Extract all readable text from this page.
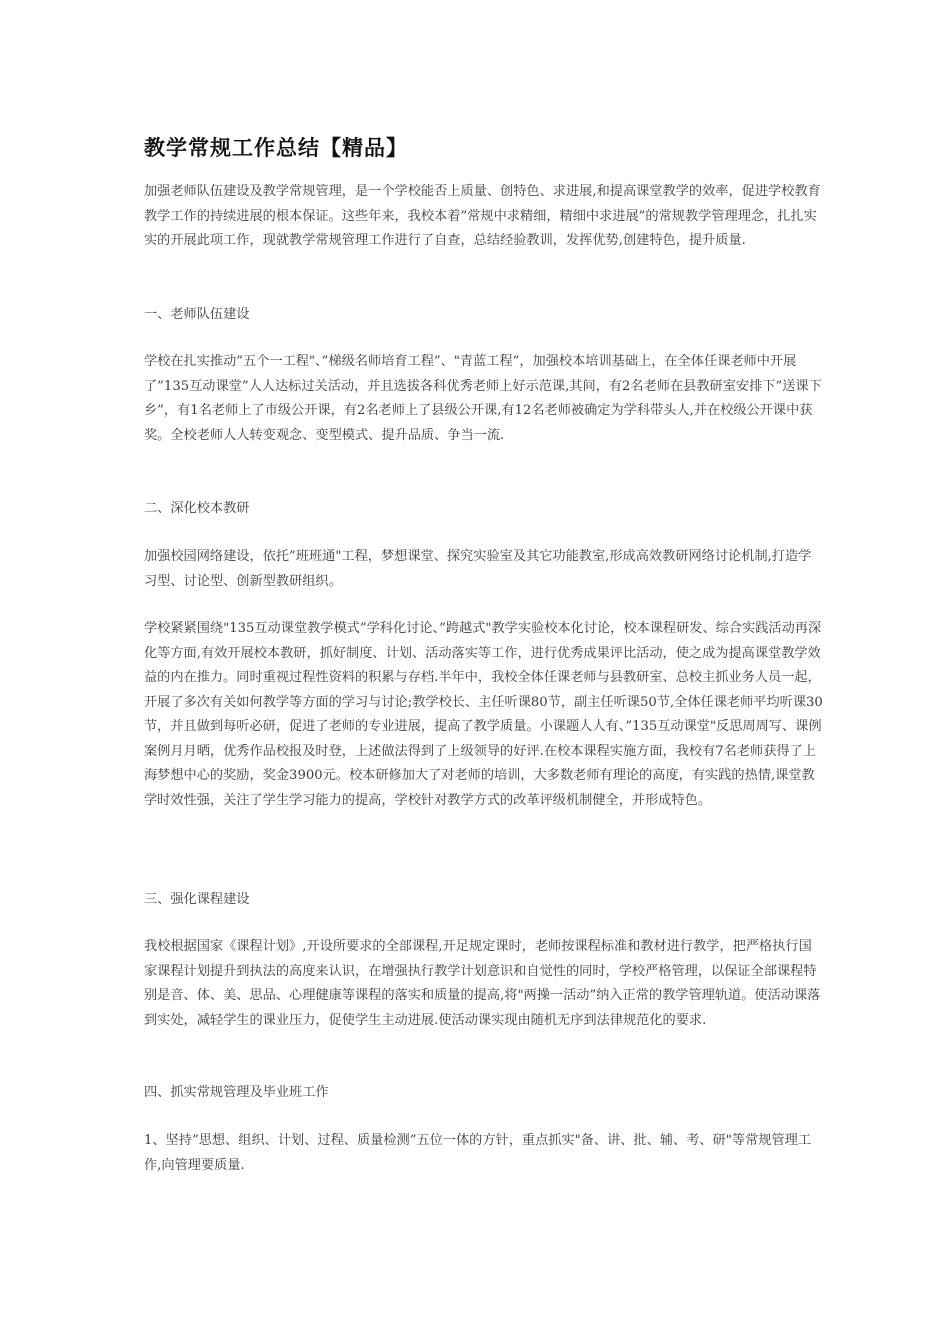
教学常规工作总结【精品】

加强老师队伍建设及教学常规管理，是一个学校能否上质量、创特色、求进展,和提高课堂教学的效率，促进学校教育教学工作的持续进展的根本保证。这些年来，我校本着”常规中求精细，精细中求进展”的常规教学管理理念，扎扎实实的开展此项工作，现就教学常规管理工作进行了自查，总结经验教训，发挥优势,创建特色，提升质量.

一、老师队伍建设

学校在扎实推动”五个一工程"、”梯级名师培育工程”、"青蓝工程”，加强校本培训基础上，在全体任课老师中开展了”135互动课堂”人人达标过关活动，并且选拔各科优秀老师上好示范课,其间，有2名老师在县教研室安排下”送课下乡”，有1名老师上了市级公开课，有2名老师上了县级公开课,有12名老师被确定为学科带头人,并在校级公开课中获奖。全校老师人人转变观念、变型模式、提升品质、争当一流.

二、深化校本教研

加强校园网络建设，依托”班班通"工程，梦想课堂、探究实验室及其它功能教室,形成高效教研网络讨论机制,打造学习型、讨论型、创新型教研组织。

学校紧紧围绕"135互动课堂教学模式”学科化讨论、”跨越式"教学实验校本化讨论，校本课程研发、综合实践活动再深化等方面,有效开展校本教研，抓好制度、计划、活动落实等工作，进行优秀成果评比活动，使之成为提高课堂教学效益的内在推力。同时重视过程性资料的积累与存档.半年中，我校全体任课老师与县教研室、总校主抓业务人员一起，开展了多次有关如何教学等方面的学习与讨论;教学校长、主任听课80节，副主任听课50节,全体任课老师平均听课30节，并且做到每听必研，促进了老师的专业进展，提高了教学质量。小课题人人有、”135互动课堂"反思周周写、课例案例月月晒，优秀作品校报及时登，上述做法得到了上级领导的好评.在校本课程实施方面，我校有7名老师获得了上海梦想中心的奖励，奖金3900元。校本研修加大了对老师的培训，大多数老师有理论的高度，有实践的热情,课堂教学时效性强，关注了学生学习能力的提高，学校针对教学方式的改革评级机制健全，并形成特色。

三、强化课程建设

我校根据国家《课程计划》,开设所要求的全部课程,开足规定课时，老师按课程标准和教材进行教学，把严格执行国家课程计划提升到执法的高度来认识，在增强执行教学计划意识和自觉性的同时，学校严格管理，以保证全部课程特别是音、体、美、思品、心理健康等课程的落实和质量的提高,将"两操一活动”纳入正常的教学管理轨道。使活动课落到实处，减轻学生的课业压力，促使学生主动进展.使活动课实现由随机无序到法律规范化的要求.

四、抓实常规管理及毕业班工作

1、坚持”思想、组织、计划、过程、质量检测”五位一体的方针，重点抓实"备、讲、批、辅、考、研"等常规管理工作,向管理要质量.
